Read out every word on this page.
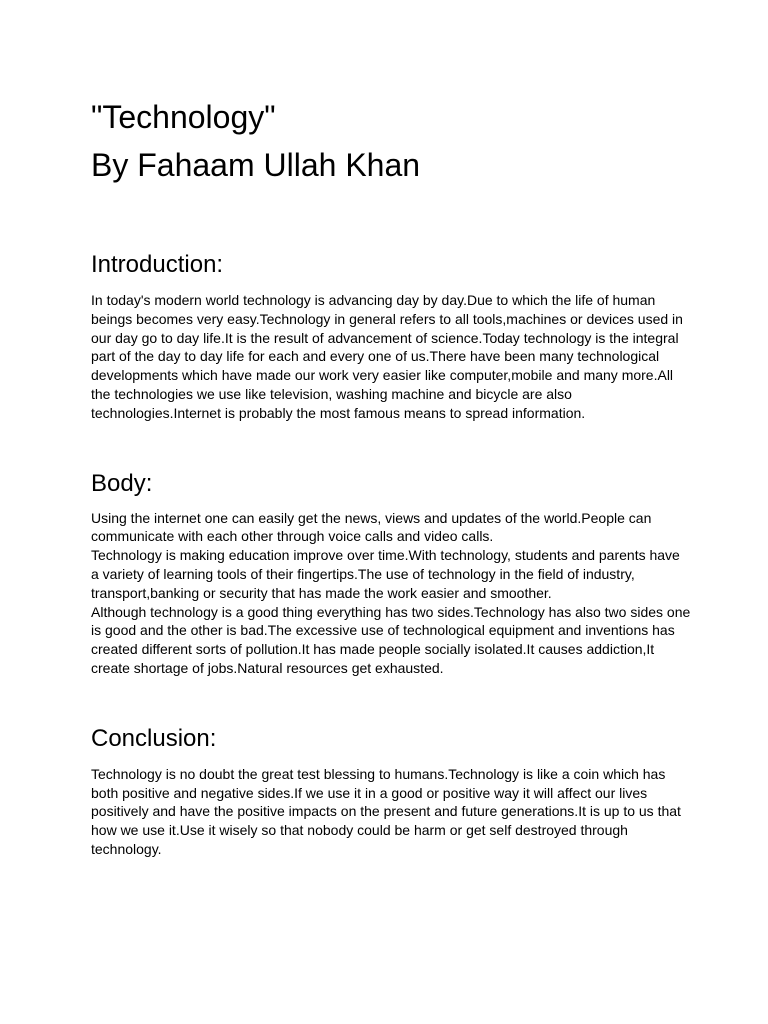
"Technology"
By Fahaam Ullah Khan
Introduction:

In today's modern world technology is advancing day by day.Due to which the life of human beings becomes very easy.Technology in general refers to all tools,machines or devices used in our day go to day life.It is the result of advancement of science.Today technology is the integral part of the day to day life for each and every one of us.There have been many technological developments which have made our work very easier like computer,mobile and many more.All the technologies we use like television, washing machine and bicycle are also technologies.Internet is probably the most famous means to spread information.

Body:

Using the internet one can easily get the news, views and updates of the world.People can communicate with each other through voice calls and video calls.

Technology is making education improve over time.With technology, students and parents have a variety of learning tools of their fingertips.The use of technology in the field of industry, transport,banking or security that has made the work easier and smoother.

Although technology is a good thing everything has two sides.Technology has also two sides one is good and the other is bad.The excessive use of technological equipment and inventions has created different sorts of pollution.It has made people socially isolated.It causes addiction,It create shortage of jobs.Natural resources get exhausted.

Conclusion:

Technology is no doubt the great test blessing to humans.Technology is like a coin which has both positive and negative sides.If we use it in a good or positive way it will affect our lives positively and have the positive impacts on the present and future generations.It is up to us that how we use it.Use it wisely so that nobody could be harm or get self destroyed through technology.
